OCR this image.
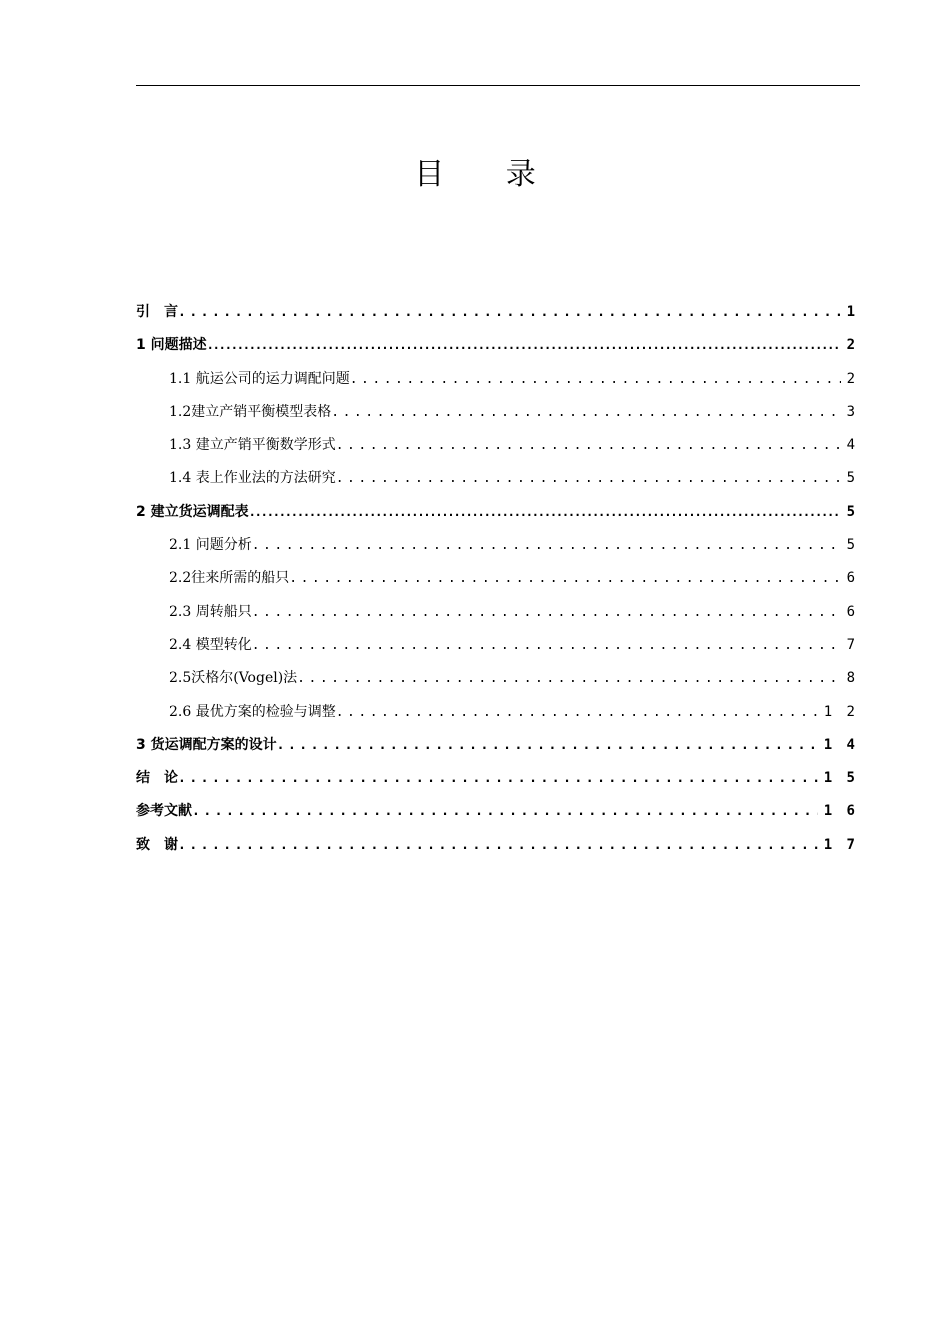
目 录
引　言 .....	1
1 问题描述 .....	2
1.1 航运公司的运力调配问题 .....	2
1.2建立产销平衡模型表格 .....	3
1.3 建立产销平衡数学形式 .....	4
1.4 表上作业法的方法研究 .....	5
2 建立货运调配表 .....	5
2.1 问题分析 .....	5
2.2往来所需的船只 .....	6
2.3 周转船只 .....	6
2.4 模型转化 .....	7
2.5沃格尔(Vogel)法 .....	8
2.6 最优方案的检验与调整 .....	1 2
3 货运调配方案的设计 .....	1 4
结　论 .....	1 5
参考文献 .....	1 6
致　谢 .....	1 7
